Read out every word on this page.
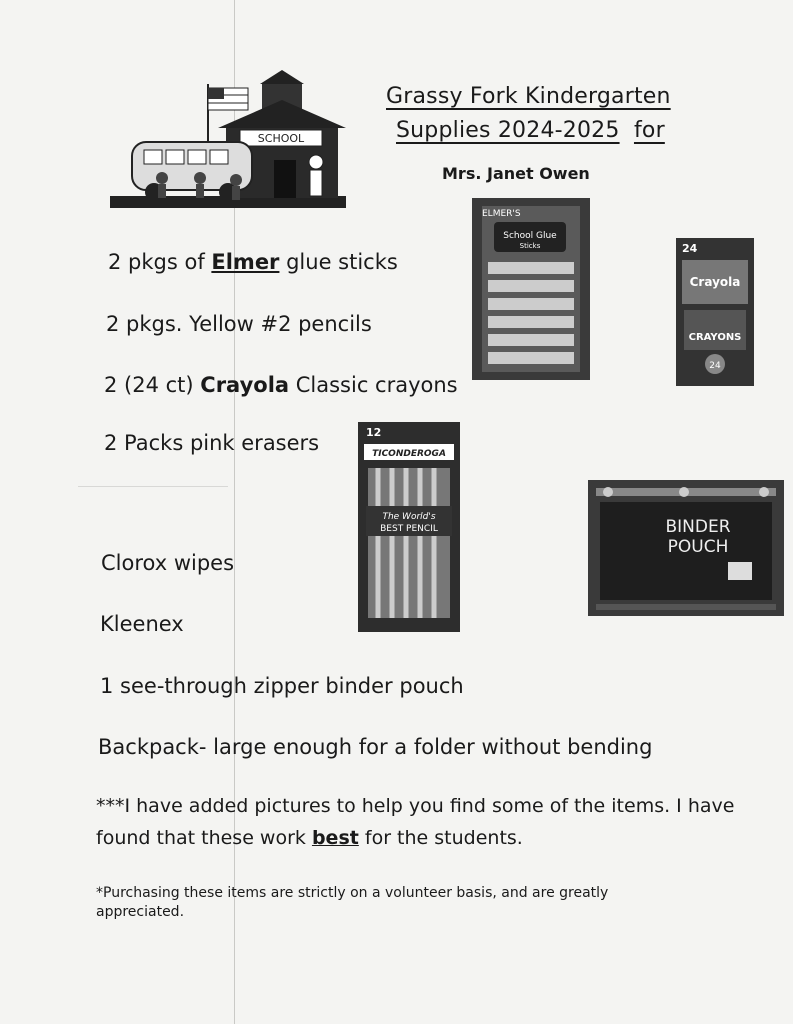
SCHOOL
Grassy Fork Kindergarten
Supplies 2024-2025 for
Mrs. Janet Owen
ELMER'S
School Glue
Sticks	24
Crayola
CRAYONS
24
12
TICONDEROGA
The World's
BEST PENCIL	BINDER
POUCH
2 pkgs of Elmer glue sticks
2 pkgs. Yellow #2 pencils
2 (24 ct) Crayola Classic crayons
2 Packs pink erasers
Clorox wipes
Kleenex
1 see-through zipper binder pouch
Backpack- large enough for a folder without bending
***I have added pictures to help you find some of the items. I have found that these work best for the students.
*Purchasing these items are strictly on a volunteer basis, and are greatly appreciated.
